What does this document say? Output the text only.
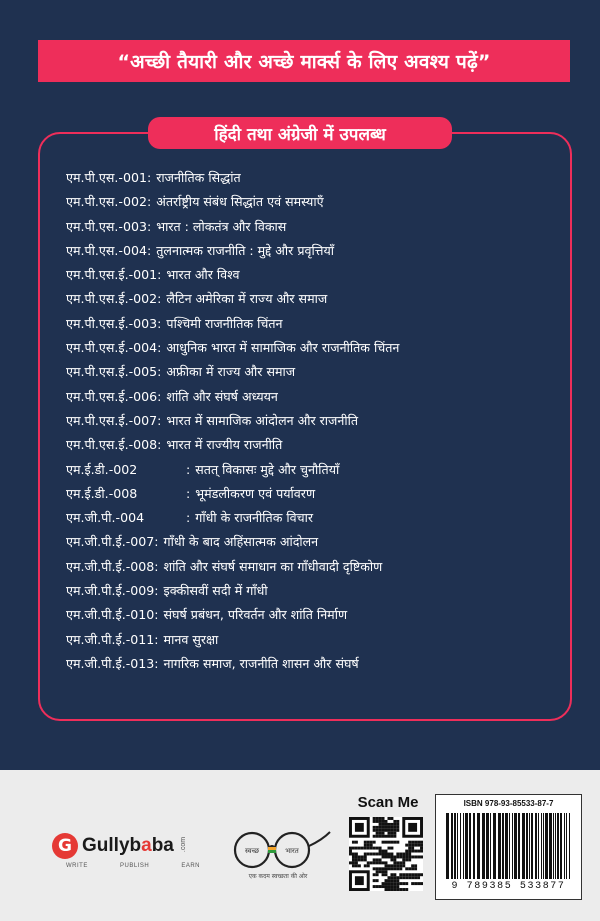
“अच्छी तैयारी और अच्छे मार्क्स के लिए अवश्य पढ़ें”
हिंदी तथा अंग्रेजी में उपलब्ध
एम.पी.एस.-001 : राजनीतिक सिद्धांत
एम.पी.एस.-002 : अंतर्राष्ट्रीय संबंध सिद्धांत एवं समस्याएँ
एम.पी.एस.-003 : भारत : लोकतंत्र और विकास
एम.पी.एस.-004 : तुलनात्मक राजनीति : मुद्दे और प्रवृत्तियाँ
एम.पी.एस.ई.-001 : भारत और विश्व
एम.पी.एस.ई.-002 : लैटिन अमेरिका में राज्य और समाज
एम.पी.एस.ई.-003 : पश्चिमी राजनीतिक चिंतन
एम.पी.एस.ई.-004 : आधुनिक भारत में सामाजिक और राजनीतिक चिंतन
एम.पी.एस.ई.-005 : अफ्रीका में राज्य और समाज
एम.पी.एस.ई.-006 : शांति और संघर्ष अध्ययन
एम.पी.एस.ई.-007 : भारत में सामाजिक आंदोलन और राजनीति
एम.पी.एस.ई.-008 : भारत में राज्यीय राजनीति
एम.ई.डी.-002	: सतत् विकासः मुद्दे और चुनौतियाँ
एम.ई.डी.-008	: भूमंडलीकरण एवं पर्यावरण
एम.जी.पी.-004	: गाँधी के राजनीतिक विचार
एम.जी.पी.ई.-007 : गाँधी के बाद अहिंसात्मक आंदोलन
एम.जी.पी.ई.-008 : शांति और संघर्ष समाधान का गाँधीवादी दृष्टिकोण
एम.जी.पी.ई.-009 : इक्कीसवीं सदी में गाँधी
एम.जी.पी.ई.-010 : संघर्ष प्रबंधन, परिवर्तन और शांति निर्माण
एम.जी.पी.ई.-011 : मानव सुरक्षा
एम.जी.पी.ई.-013 : नागरिक समाज, राजनीति शासन और संघर्ष
G Gullybaba .com
WRITE	PUBLISH	EARN
स्वच्छ	भारत
एक कदम स्वच्छता की ओर
Scan Me	ISBN 978-93-85533-87-7
9 789385 533877
